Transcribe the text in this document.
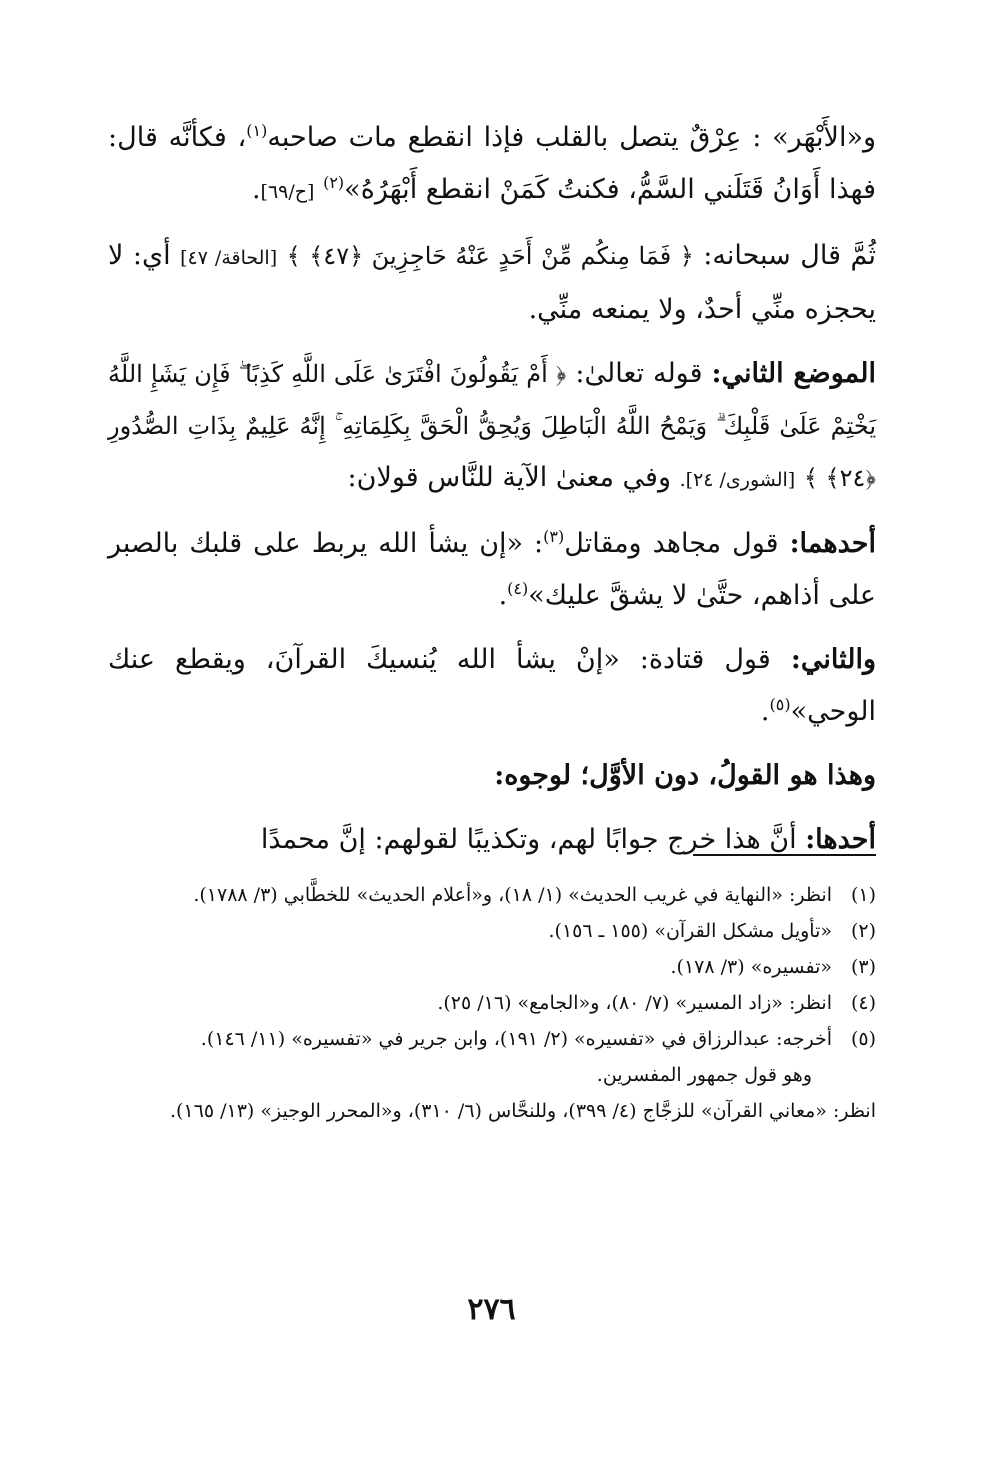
و«الأَبْهَر» : عِرْقٌ يتصل بالقلب فإذا انقطع مات صاحبه$^{(١)}$، فكأنَّه قال: فهذا أَوَانُ قَتَلَني السَّمُّ، فكنتُ كَمَنْ انقطع أَبْهَرُهُ»$^{(٢)}$ [ح/٦٩].

ثُمَّ قال سبحانه: ﴿ فَمَا مِنكُم مِّنْ أَحَدٍ عَنْهُ حَاجِزِينَ ﴿٤٧﴾ ﴾ [الحاقة/ ٤٧] أي: لا يحجزه منِّي أحدٌ، ولا يمنعه منِّي.

الموضع الثاني: قوله تعالىٰ: ﴿ أَمْ يَقُولُونَ افْتَرَىٰ عَلَى اللَّهِ كَذِبًا ۖ فَإِن يَشَإِ اللَّهُ يَخْتِمْ عَلَىٰ قَلْبِكَ ۗ وَيَمْحُ اللَّهُ الْبَاطِلَ وَيُحِقُّ الْحَقَّ بِكَلِمَاتِهِ ۚ إِنَّهُ عَلِيمٌ بِذَاتِ الصُّدُورِ ﴿٢٤﴾ ﴾ [الشورى/ ٢٤]. وفي معنىٰ الآية للنَّاس قولان:

أحدهما: قول مجاهد ومقاتل$^{(٣)}$: «إن يشأ الله يربط على قلبك بالصبر على أذاهم، حتَّىٰ لا يشقَّ عليك»$^{(٤)}$.

والثاني: قول قتادة: «إنْ يشأ الله يُنسيكَ القرآنَ، ويقطع عنك الوحي»$^{(٥)}$.

وهذا هو القولُ، دون الأوَّل؛ لوجوه:

أحدها: أنَّ هذا خرج جوابًا لهم، وتكذيبًا لقولهم: إنَّ محمدًا

(١)
انظر: «النهاية في غريب الحديث» (١/ ١٨)، و«أعلام الحديث» للخطَّابي (٣/ ١٧٨٨).
(٢)
«تأويل مشكل القرآن» (١٥٥ ـ ١٥٦).
(٣)
«تفسيره» (٣/ ١٧٨).
(٤)
انظر: «زاد المسير» (٧/ ٨٠)، و«الجامع» (١٦/ ٢٥).
(٥)
أخرجه: عبدالرزاق في «تفسيره» (٢/ ١٩١)، وابن جرير في «تفسيره» (١١/ ١٤٦).

وهو قول جمهور المفسرين.

انظر: «معاني القرآن» للزجَّاج (٤/ ٣٩٩)، وللنحَّاس (٦/ ٣١٠)، و«المحرر الوجيز» (١٣/ ١٦٥).

٢٧٦
